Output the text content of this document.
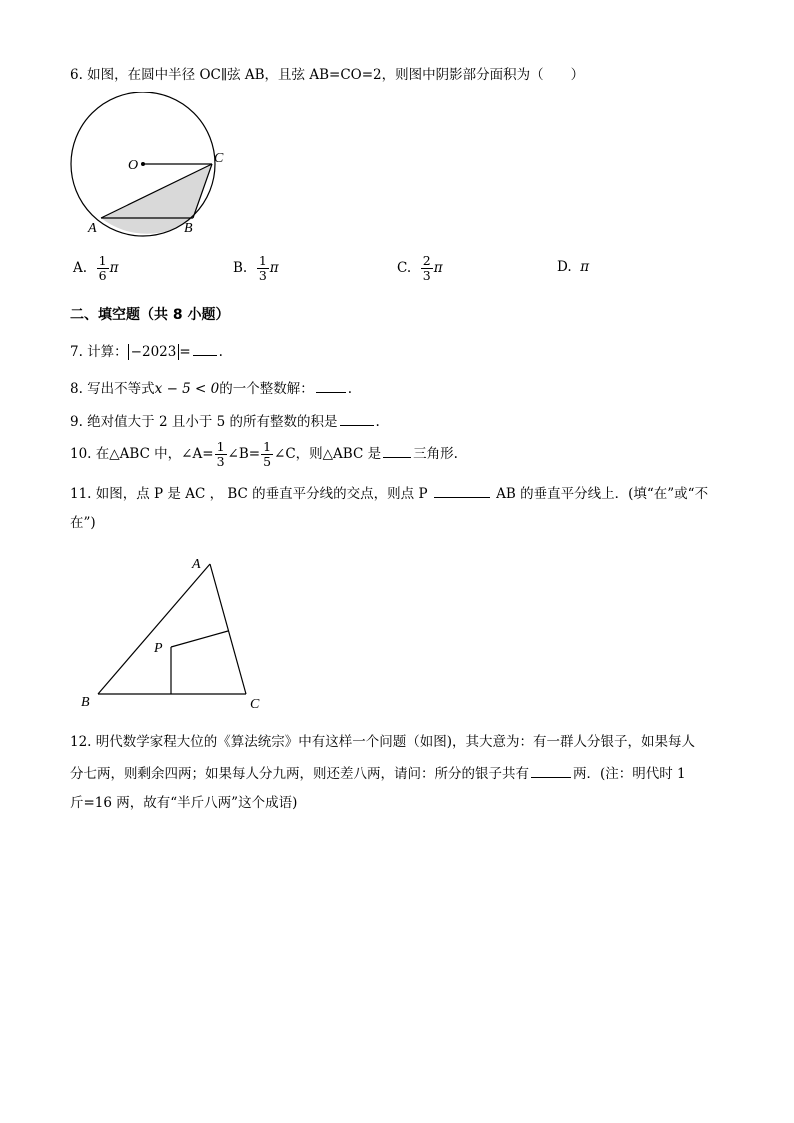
6. 如图，在圆中半径 OC∥弦 AB，且弦 AB=CO=2，则图中阴影部分面积为（　　）
O	C
A	B
A. $\frac{1}{6}$ π	B. $\frac{1}{3}$ π	C. $\frac{2}{3}$ π	D. π
二、填空题（共 8 小题）
7. 计算： −2023 = .
8. 写出不等式x − 5 < 0的一个整数解：	.
9. 绝对值大于 2 且小于 5 的所有整数的积是	.
10. 在△ABC 中，∠A= $\frac{1}{3}$ ∠B= $\frac{1}{5}$ ∠C，则△ABC 是 三角形.
11. 如图，点 P 是 AC ， BC 的垂直平分线的交点，则点 P	AB 的垂直平分线上．(填“在”或“不
在”)
A
B	C
P
12. 明代数学家程大位的《算法统宗》中有这样一个问题（如图)，其大意为：有一群人分银子，如果每人
分七两，则剩余四两；如果每人分九两，则还差八两，请问：所分的银子共有	两．(注：明代时 1
斤=16 两，故有“半斤八两”这个成语)
